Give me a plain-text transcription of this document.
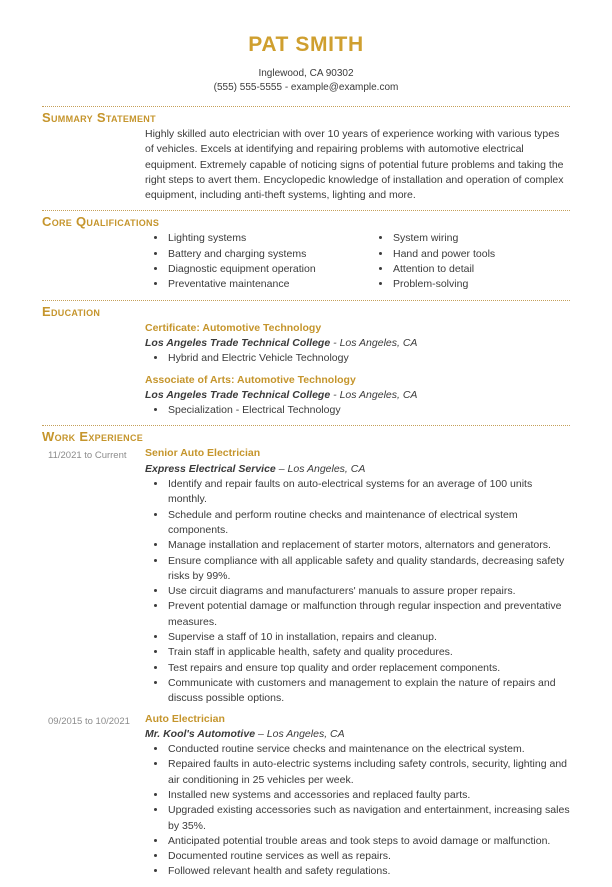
PAT SMITH
Inglewood, CA 90302
(555) 555-5555 - example@example.com
Summary Statement
Highly skilled auto electrician with over 10 years of experience working with various types of vehicles. Excels at identifying and repairing problems with automotive electrical equipment. Extremely capable of noticing signs of potential future problems and taking the right steps to avert them. Encyclopedic knowledge of installation and operation of complex equipment, including anti-theft systems, lighting and more.
Core Qualifications
• Lighting systems
• Battery and charging systems
• Diagnostic equipment operation
• Preventative maintenance
• System wiring
• Hand and power tools
• Attention to detail
• Problem-solving
Education
Certificate: Automotive Technology
Los Angeles Trade Technical College - Los Angeles, CA
• Hybrid and Electric Vehicle Technology
Associate of Arts: Automotive Technology
Los Angeles Trade Technical College - Los Angeles, CA
• Specialization - Electrical Technology
Work Experience
11/2021 to Current	Senior Auto Electrician
Express Electrical Service – Los Angeles, CA
• Identify and repair faults on auto-electrical systems for an average of 100 units monthly.
• Schedule and perform routine checks and maintenance of electrical system components.
• Manage installation and replacement of starter motors, alternators and generators.
• Ensure compliance with all applicable safety and quality standards, decreasing safety risks by 99%.
• Use circuit diagrams and manufacturers' manuals to assure proper repairs.
• Prevent potential damage or malfunction through regular inspection and preventative measures.
• Supervise a staff of 10 in installation, repairs and cleanup.
• Train staff in applicable health, safety and quality procedures.
• Test repairs and ensure top quality and order replacement components.
• Communicate with customers and management to explain the nature of repairs and discuss possible options.
09/2015 to 10/2021	Auto Electrician
Mr. Kool's Automotive – Los Angeles, CA
• Conducted routine service checks and maintenance on the electrical system.
• Repaired faults in auto-electric systems including safety controls, security, lighting and air conditioning in 25 vehicles per week.
• Installed new systems and accessories and replaced faulty parts.
• Upgraded existing accessories such as navigation and entertainment, increasing sales by 35%.
• Anticipated potential trouble areas and took steps to avoid damage or malfunction.
• Documented routine services as well as repairs.
• Followed relevant health and safety regulations.
